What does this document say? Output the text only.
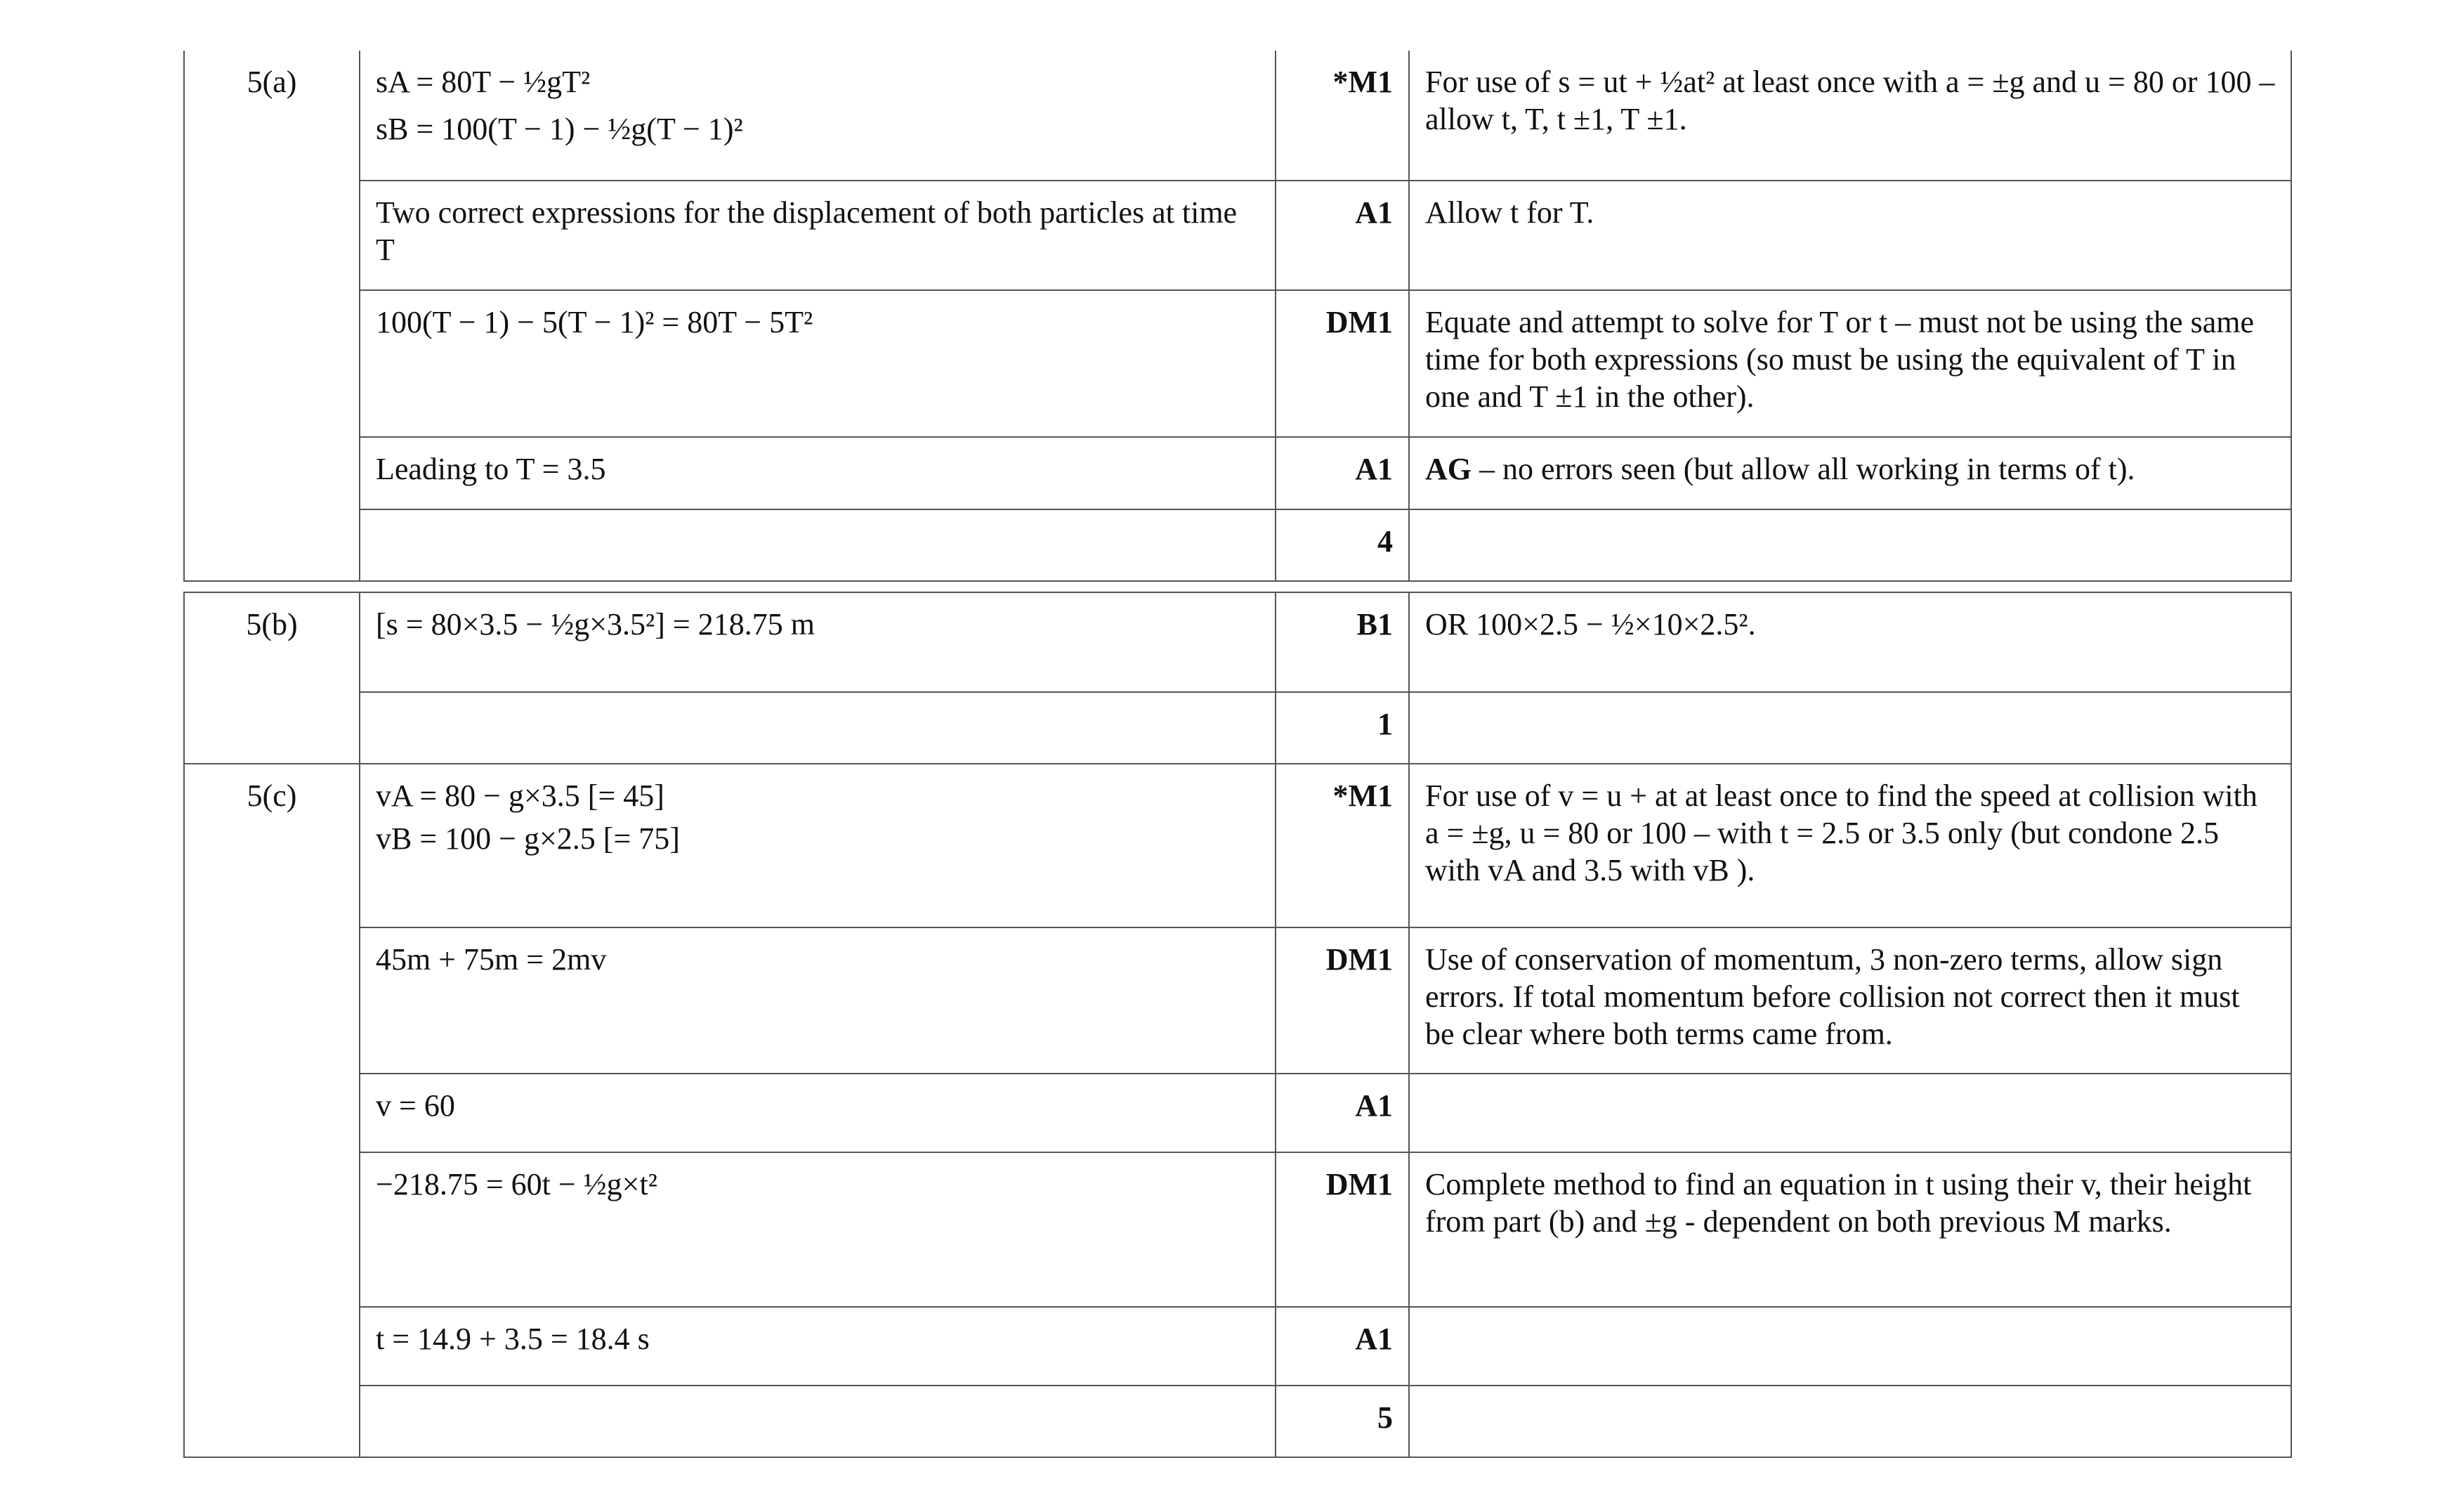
5(a)	sA = 80T − ½gT²
sB = 100(T − 1) − ½g(T − 1)²	*M1	For use of s = ut + ½at² at least once with a = ±g and u = 80 or 100 – allow t, T, t ±1, T ±1.
	Two correct expressions for the displacement of both particles at time T	A1	Allow t for T.
	100(T − 1) − 5(T − 1)² = 80T − 5T²	DM1	Equate and attempt to solve for T or t – must not be using the same time for both expressions (so must be using the equivalent of T in one and T ±1 in the other).
	Leading to T = 3.5	A1	AG – no errors seen (but allow all working in terms of t).
		4	

5(b)	[s = 80×3.5 − ½g×3.5²] = 218.75 m	B1	OR 100×2.5 − ½×10×2.5².
		1	
5(c)	vA = 80 − g×3.5 [= 45]
vB = 100 − g×2.5 [= 75]	*M1	For use of v = u + at at least once to find the speed at collision with a = ±g, u = 80 or 100 – with t = 2.5 or 3.5 only (but condone 2.5 with vA and 3.5 with vB ).
	45m + 75m = 2mv	DM1	Use of conservation of momentum, 3 non-zero terms, allow sign errors. If total momentum before collision not correct then it must be clear where both terms came from.
	v = 60	A1	
	−218.75 = 60t − ½g×t²	DM1	Complete method to find an equation in t using their v, their height from part (b) and ±g - dependent on both previous M marks.
	t = 14.9 + 3.5 = 18.4 s	A1	
		5	
